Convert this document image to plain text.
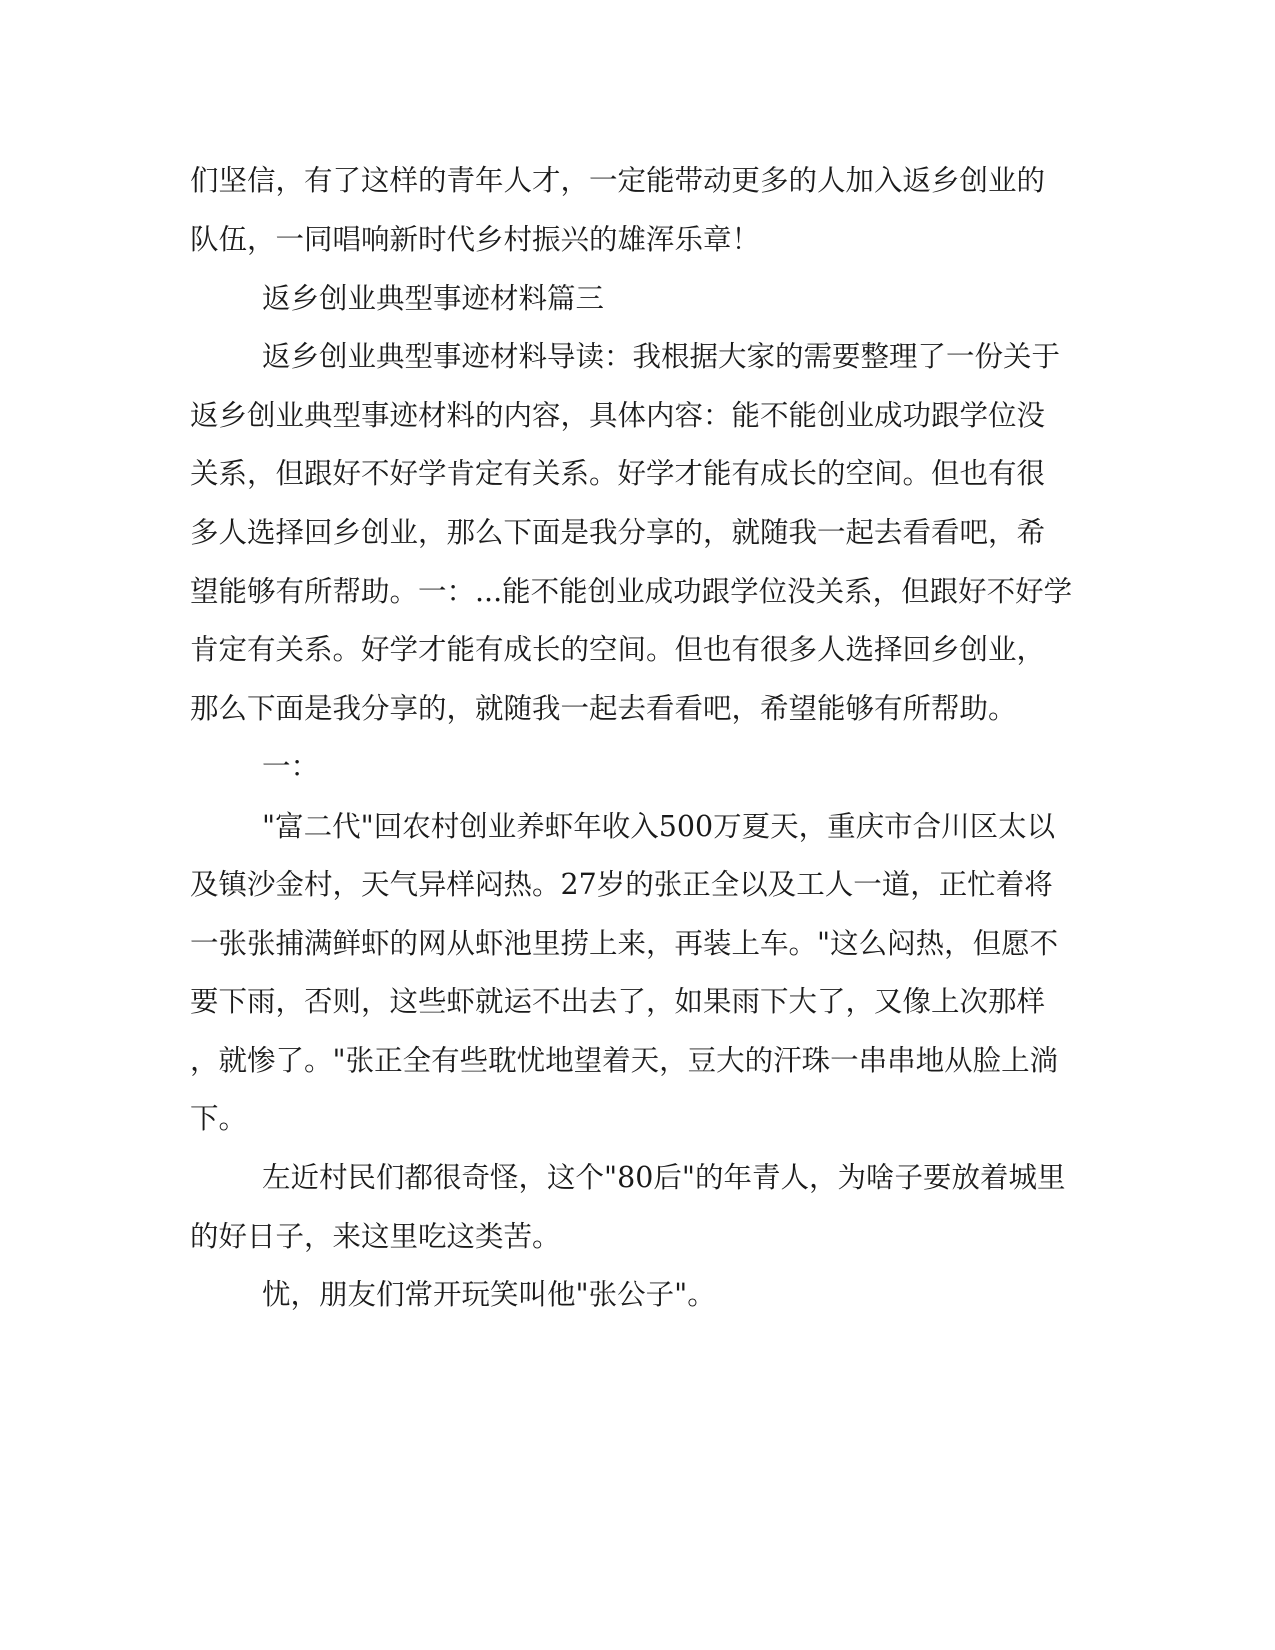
们坚信，有了这样的青年人才，一定能带动更多的人加入返乡创业的

队伍，一同唱响新时代乡村振兴的雄浑乐章！

返乡创业典型事迹材料篇三

返乡创业典型事迹材料导读：我根据大家的需要整理了一份关于

返乡创业典型事迹材料的内容，具体内容：能不能创业成功跟学位没

关系，但跟好不好学肯定有关系。好学才能有成长的空间。但也有很

多人选择回乡创业，那么下面是我分享的，就随我一起去看看吧，希

望能够有所帮助。一：...能不能创业成功跟学位没关系，但跟好不好学

肯定有关系。好学才能有成长的空间。但也有很多人选择回乡创业，

那么下面是我分享的，就随我一起去看看吧，希望能够有所帮助。

一：

"富二代"回农村创业养虾年收入500万夏天，重庆市合川区太以

及镇沙金村，天气异样闷热。27岁的张正全以及工人一道，正忙着将

一张张捕满鲜虾的网从虾池里捞上来，再装上车。"这么闷热，但愿不

要下雨，否则，这些虾就运不出去了，如果雨下大了，又像上次那样

，就惨了。"张正全有些耽忧地望着天，豆大的汗珠一串串地从脸上淌

下。

左近村民们都很奇怪，这个"80后"的年青人，为啥子要放着城里

的好日子，来这里吃这类苦。

忧，朋友们常开玩笑叫他"张公子"。
